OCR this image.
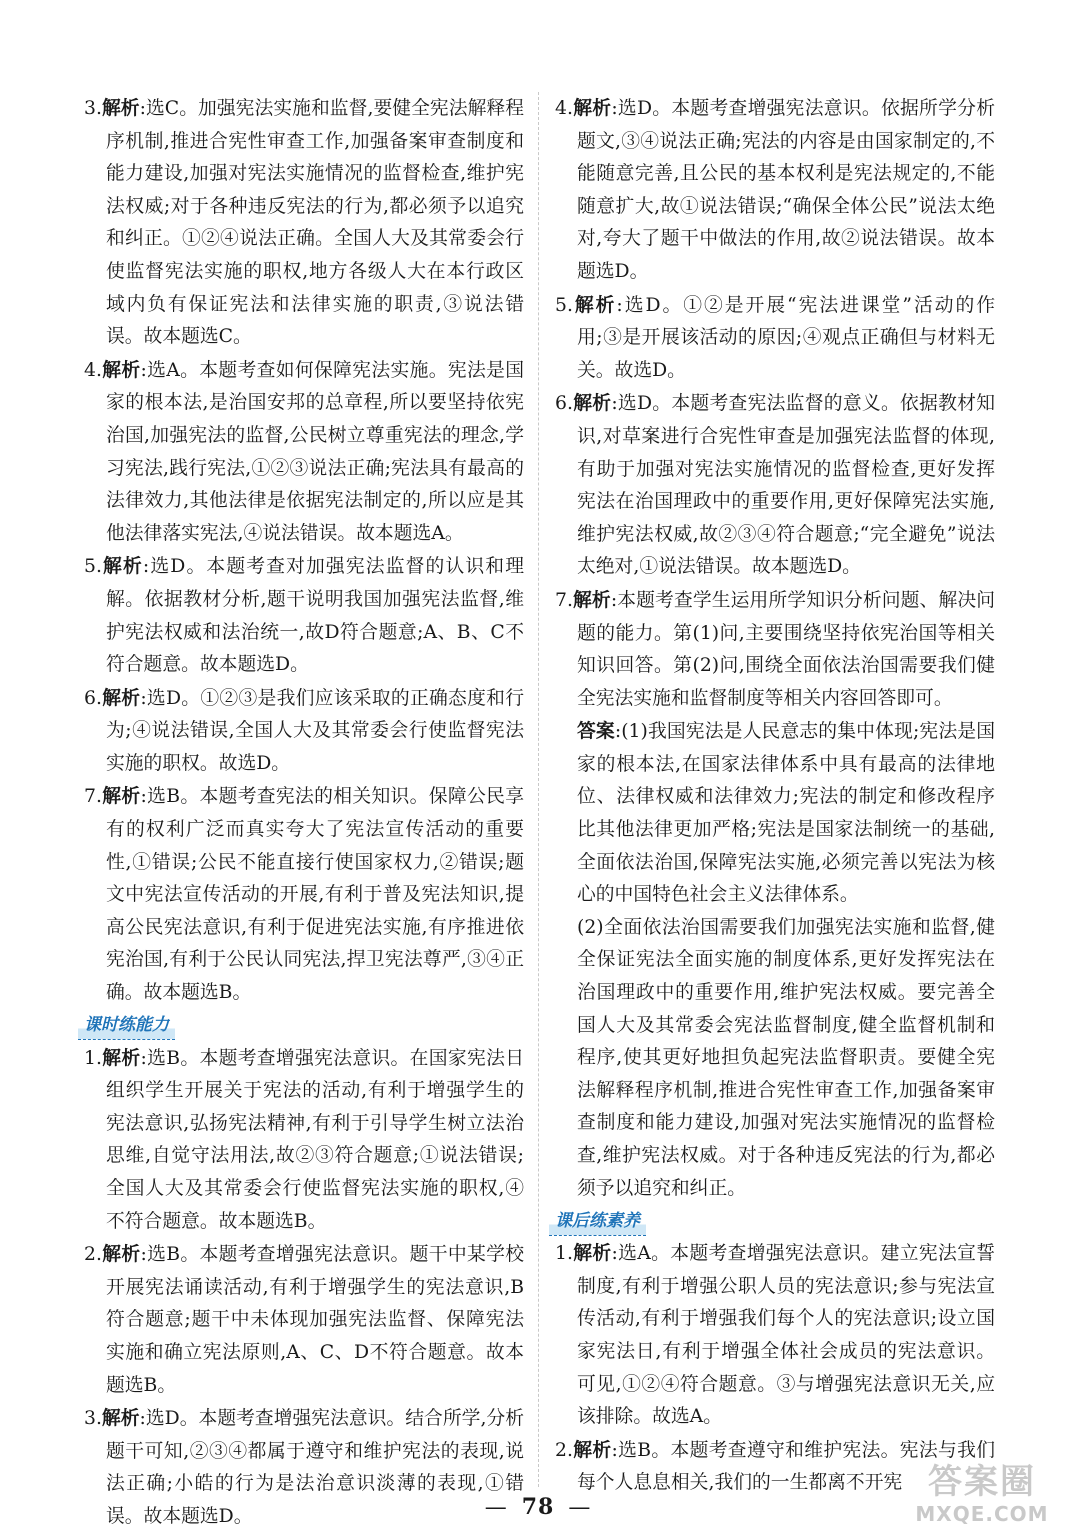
3.解析:选C。加强宪法实施和监督,要健全宪法解释程序机制,推进合宪性审查工作,加强备案审查制度和能力建设,加强对宪法实施情况的监督检查,维护宪法权威;对于各种违反宪法的行为,都必须予以追究和纠正。①②④说法正确。全国人大及其常委会行使监督宪法实施的职权,地方各级人大在本行政区域内负有保证宪法和法律实施的职责,③说法错误。故本题选C。

4.解析:选A。本题考查如何保障宪法实施。宪法是国家的根本法,是治国安邦的总章程,所以要坚持依宪治国,加强宪法的监督,公民树立尊重宪法的理念,学习宪法,践行宪法,①②③说法正确;宪法具有最高的法律效力,其他法律是依据宪法制定的,所以应是其他法律落实宪法,④说法错误。故本题选A。

5.解析:选D。本题考查对加强宪法监督的认识和理解。依据教材分析,题干说明我国加强宪法监督,维护宪法权威和法治统一,故D符合题意;A、B、C不符合题意。故本题选D。

6.解析:选D。①②③是我们应该采取的正确态度和行为;④说法错误,全国人大及其常委会行使监督宪法实施的职权。故选D。

7.解析:选B。本题考查宪法的相关知识。保障公民享有的权利广泛而真实夸大了宪法宣传活动的重要性,①错误;公民不能直接行使国家权力,②错误;题文中宪法宣传活动的开展,有利于普及宪法知识,提高公民宪法意识,有利于促进宪法实施,有序推进依宪治国,有利于公民认同宪法,捍卫宪法尊严,③④正确。故本题选B。

课时练能力

1.解析:选B。本题考查增强宪法意识。在国家宪法日组织学生开展关于宪法的活动,有利于增强学生的宪法意识,弘扬宪法精神,有利于引导学生树立法治思维,自觉守法用法,故②③符合题意;①说法错误;全国人大及其常委会行使监督宪法实施的职权,④不符合题意。故本题选B。

2.解析:选B。本题考查增强宪法意识。题干中某学校开展宪法诵读活动,有利于增强学生的宪法意识,B符合题意;题干中未体现加强宪法监督、保障宪法实施和确立宪法原则,A、C、D不符合题意。故本题选B。

3.解析:选D。本题考查增强宪法意识。结合所学,分析题干可知,②③④都属于遵守和维护宪法的表现,说法正确;小皓的行为是法治意识淡薄的表现,①错误。故本题选D。

4.解析:选D。本题考查增强宪法意识。依据所学分析题文,③④说法正确;宪法的内容是由国家制定的,不能随意完善,且公民的基本权利是宪法规定的,不能随意扩大,故①说法错误;“确保全体公民”说法太绝对,夸大了题干中做法的作用,故②说法错误。故本题选D。

5.解析:选D。①②是开展“宪法进课堂”活动的作用;③是开展该活动的原因;④观点正确但与材料无关。故选D。

6.解析:选D。本题考查宪法监督的意义。依据教材知识,对草案进行合宪性审查是加强宪法监督的体现,有助于加强对宪法实施情况的监督检查,更好发挥宪法在治国理政中的重要作用,更好保障宪法实施,维护宪法权威,故②③④符合题意;“完全避免”说法太绝对,①说法错误。故本题选D。

7.解析:本题考查学生运用所学知识分析问题、解决问题的能力。第(1)问,主要围绕坚持依宪治国等相关知识回答。第(2)问,围绕全面依法治国需要我们健全宪法实施和监督制度等相关内容回答即可。

答案:(1)我国宪法是人民意志的集中体现;宪法是国家的根本法,在国家法律体系中具有最高的法律地位、法律权威和法律效力;宪法的制定和修改程序比其他法律更加严格;宪法是国家法制统一的基础,全面依法治国,保障宪法实施,必须完善以宪法为核心的中国特色社会主义法律体系。

(2)全面依法治国需要我们加强宪法实施和监督,健全保证宪法全面实施的制度体系,更好发挥宪法在治国理政中的重要作用,维护宪法权威。要完善全国人大及其常委会宪法监督制度,健全监督机制和程序,使其更好地担负起宪法监督职责。要健全宪法解释程序机制,推进合宪性审查工作,加强备案审查制度和能力建设,加强对宪法实施情况的监督检查,维护宪法权威。对于各种违反宪法的行为,都必须予以追究和纠正。

课后练素养

1.解析:选A。本题考查增强宪法意识。建立宪法宣誓制度,有利于增强公职人员的宪法意识;参与宪法宣传活动,有利于增强我们每个人的宪法意识;设立国家宪法日,有利于增强全体社会成员的宪法意识。可见,①②④符合题意。③与增强宪法意识无关,应该排除。故选A。

2.解析:选B。本题考查遵守和维护宪法。宪法与我们每个人息息相关,我们的一生都离不开宪

— 78 —
答案圈
MXQE.COM
